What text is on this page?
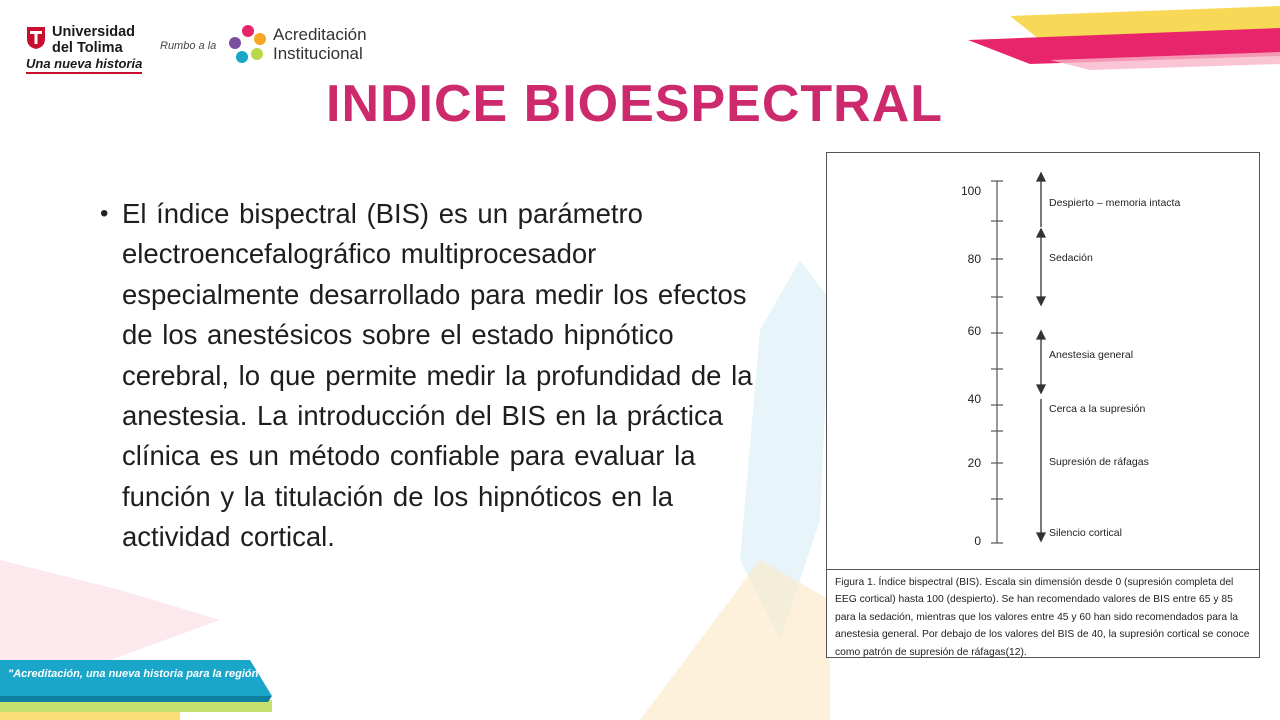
Universidad
del Tolima
Una nueva historia
Rumbo a la
Acreditación
Institucional
INDICE BIOESPECTRAL
• El índice bispectral (BIS) es un parámetro electroencefalográfico multiprocesador especialmente desarrollado para medir los efectos de los anestésicos sobre el estado hipnótico cerebral, lo que permite medir la profundidad de la anestesia. La introducción del BIS en la práctica clínica es un método confiable para evaluar la función y la titulación de los hipnóticos en la actividad cortical.

100
80
60
40
20
0
Despierto – memoria intacta
Sedación
Anestesia general
Cerca a la supresión
Supresión de ráfagas
Silencio cortical
Figura 1. Índice bispectral (BIS). Escala sin dimensión desde 0 (supresión completa del EEG cortical) hasta 100 (despierto). Se han recomendado valores de BIS entre 65 y 85 para la sedación, mientras que los valores entre 45 y 60 han sido recomendados para la anestesia general. Por debajo de los valores del BIS de 40, la supresión cortical se conoce como patrón de supresión de ráfagas(12).
"Acreditación, una nueva historia para la región"
